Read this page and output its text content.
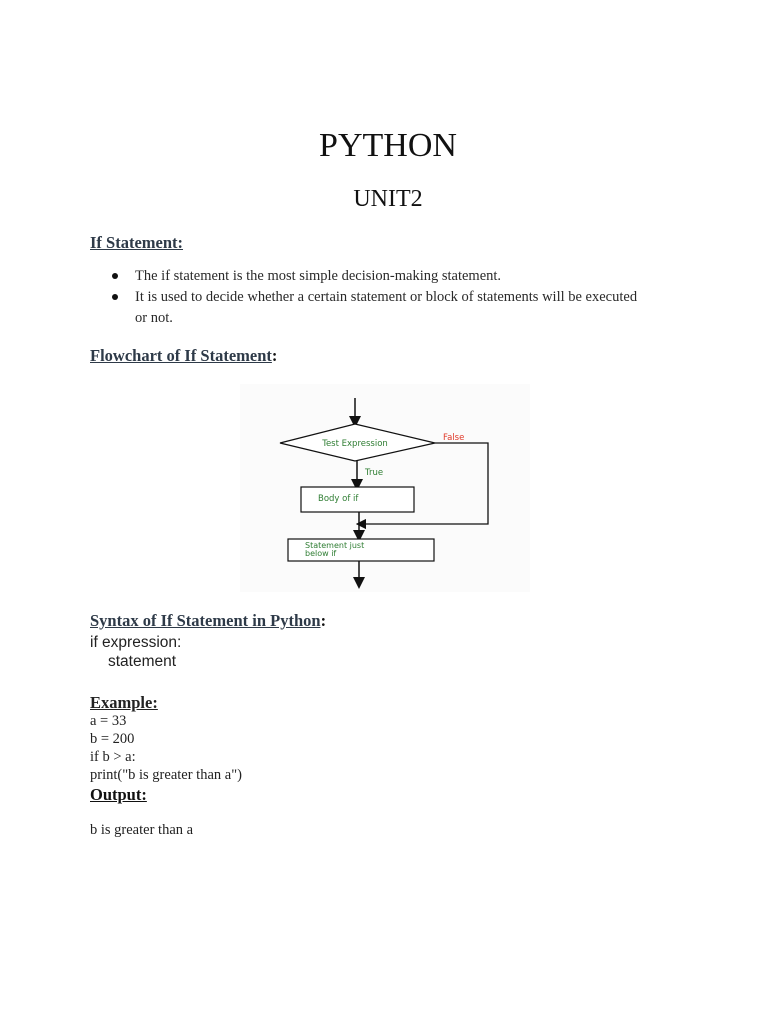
PYTHON
UNIT2
If Statement:
The if statement is the most simple decision-making statement.
It is used to decide whether a certain statement or block of statements will be executed or not.
Flowchart of If Statement:
Test Expression
False
True
Body of if
Statement just
below if
Syntax of If Statement in Python:
if expression:
statement
Example:
a = 33
b = 200
if b > a:
print("b is greater than a")
Output:
b is greater than a
